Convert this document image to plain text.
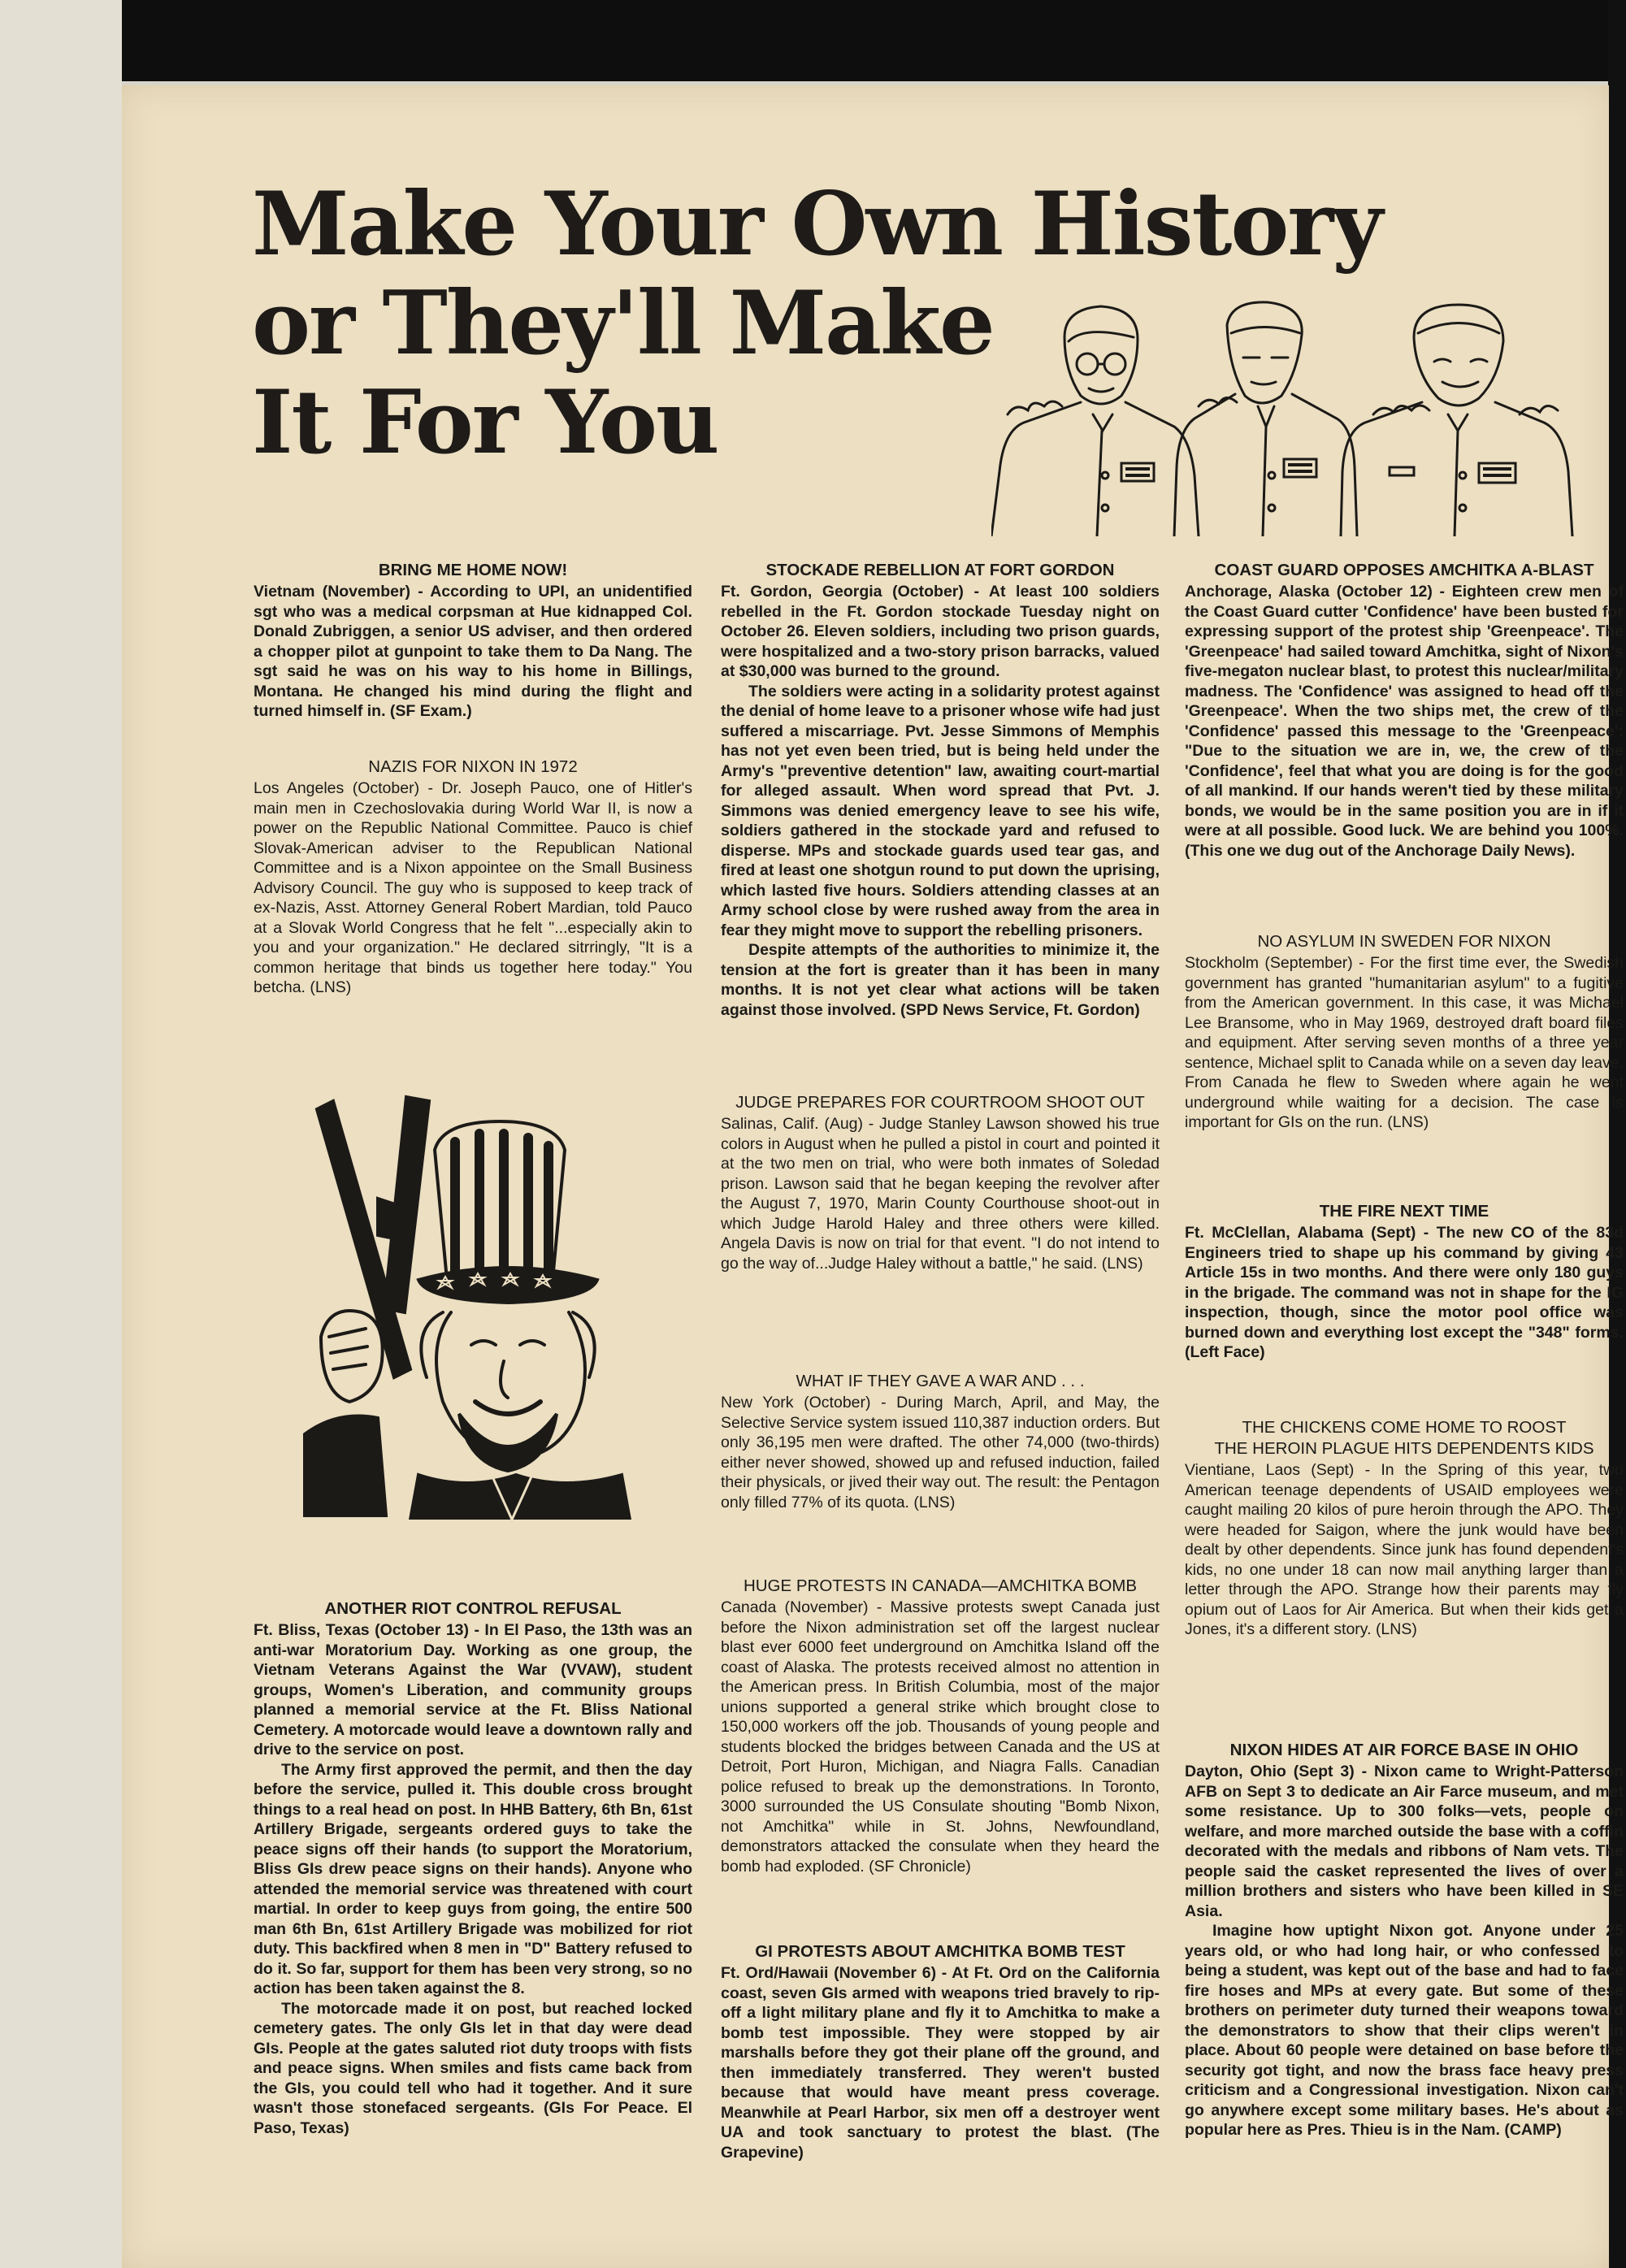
Make Your Own History
or They'll Make
It For You
BRING ME HOME NOW!

Vietnam (November) - According to UPI, an unidentified sgt who was a medical corpsman at Hue kidnapped Col. Donald Zubriggen, a senior US adviser, and then ordered a chopper pilot at gunpoint to take them to Da Nang. The sgt said he was on his way to his home in Billings, Montana. He changed his mind during the flight and turned himself in. (SF Exam.)

NAZIS FOR NIXON IN 1972

Los Angeles (October) - Dr. Joseph Pauco, one of Hitler's main men in Czechoslovakia during World War II, is now a power on the Republic National Committee. Pauco is chief Slovak-American adviser to the Republican National Committee and is a Nixon appointee on the Small Business Advisory Council. The guy who is supposed to keep track of ex-Nazis, Asst. Attorney General Robert Mardian, told Pauco at a Slovak World Congress that he felt "...especially akin to you and your organization." He declared sitrringly, "It is a common heritage that binds us together here today." You betcha. (LNS)

ANOTHER RIOT CONTROL REFUSAL

Ft. Bliss, Texas (October 13) - In El Paso, the 13th was an anti-war Moratorium Day. Working as one group, the Vietnam Veterans Against the War (VVAW), student groups, Women's Liberation, and community groups planned a memorial service at the Ft. Bliss National Cemetery. A motorcade would leave a downtown rally and drive to the service on post.

The Army first approved the permit, and then the day before the service, pulled it. This double cross brought things to a real head on post. In HHB Battery, 6th Bn, 61st Artillery Brigade, sergeants ordered guys to take the peace signs off their hands (to support the Moratorium, Bliss GIs drew peace signs on their hands). Anyone who attended the memorial service was threatened with court martial. In order to keep guys from going, the entire 500 man 6th Bn, 61st Artillery Brigade was mobilized for riot duty. This backfired when 8 men in "D" Battery refused to do it. So far, support for them has been very strong, so no action has been taken against the 8.

The motorcade made it on post, but reached locked cemetery gates. The only GIs let in that day were dead GIs. People at the gates saluted riot duty troops with fists and peace signs. When smiles and fists came back from the GIs, you could tell who had it together. And it sure wasn't those stonefaced sergeants. (GIs For Peace. El Paso, Texas)

STOCKADE REBELLION AT FORT GORDON

Ft. Gordon, Georgia (October) - At least 100 soldiers rebelled in the Ft. Gordon stockade Tuesday night on October 26. Eleven soldiers, including two prison guards, were hospitalized and a two-story prison barracks, valued at $30,000 was burned to the ground.

The soldiers were acting in a solidarity protest against the denial of home leave to a prisoner whose wife had just suffered a miscarriage. Pvt. Jesse Simmons of Memphis has not yet even been tried, but is being held under the Army's "preventive detention" law, awaiting court-martial for alleged assault. When word spread that Pvt. J. Simmons was denied emergency leave to see his wife, soldiers gathered in the stockade yard and refused to disperse. MPs and stockade guards used tear gas, and fired at least one shotgun round to put down the uprising, which lasted five hours. Soldiers attending classes at an Army school close by were rushed away from the area in fear they might move to support the rebelling prisoners.

Despite attempts of the authorities to minimize it, the tension at the fort is greater than it has been in many months. It is not yet clear what actions will be taken against those involved. (SPD News Service, Ft. Gordon)

JUDGE PREPARES FOR COURTROOM SHOOT OUT

Salinas, Calif. (Aug) - Judge Stanley Lawson showed his true colors in August when he pulled a pistol in court and pointed it at the two men on trial, who were both inmates of Soledad prison. Lawson said that he began keeping the revolver after the August 7, 1970, Marin County Courthouse shoot-out in which Judge Harold Haley and three others were killed. Angela Davis is now on trial for that event. "I do not intend to go the way of...Judge Haley without a battle," he said. (LNS)

WHAT IF THEY GAVE A WAR AND . . .

New York (October) - During March, April, and May, the Selective Service system issued 110,387 induction orders. But only 36,195 men were drafted. The other 74,000 (two-thirds) either never showed, showed up and refused induction, failed their physicals, or jived their way out. The result: the Pentagon only filled 77% of its quota. (LNS)

HUGE PROTESTS IN CANADA—AMCHITKA BOMB

Canada (November) - Massive protests swept Canada just before the Nixon administration set off the largest nuclear blast ever 6000 feet underground on Amchitka Island off the coast of Alaska. The protests received almost no attention in the American press. In British Columbia, most of the major unions supported a general strike which brought close to 150,000 workers off the job. Thousands of young people and students blocked the bridges between Canada and the US at Detroit, Port Huron, Michigan, and Niagra Falls. Canadian police refused to break up the demonstrations. In Toronto, 3000 surrounded the US Consulate shouting "Bomb Nixon, not Amchitka" while in St. Johns, Newfoundland, demonstrators attacked the consulate when they heard the bomb had exploded. (SF Chronicle)

GI PROTESTS ABOUT AMCHITKA BOMB TEST

Ft. Ord/Hawaii (November 6) - At Ft. Ord on the California coast, seven GIs armed with weapons tried bravely to rip-off a light military plane and fly it to Amchitka to make a bomb test impossible. They were stopped by air marshalls before they got their plane off the ground, and then immediately transferred. They weren't busted because that would have meant press coverage. Meanwhile at Pearl Harbor, six men off a destroyer went UA and took sanctuary to protest the blast. (The Grapevine)

COAST GUARD OPPOSES AMCHITKA A-BLAST

Anchorage, Alaska (October 12) - Eighteen crew men of the Coast Guard cutter 'Confidence' have been busted for expressing support of the protest ship 'Greenpeace'. The 'Greenpeace' had sailed toward Amchitka, sight of Nixon's five-megaton nuclear blast, to protest this nuclear/military madness. The 'Confidence' was assigned to head off the 'Greenpeace'. When the two ships met, the crew of the 'Confidence' passed this message to the 'Greenpeace': "Due to the situation we are in, we, the crew of the 'Confidence', feel that what you are doing is for the good of all mankind. If our hands weren't tied by these military bonds, we would be in the same position you are in if it were at all possible. Good luck. We are behind you 100%. (This one we dug out of the Anchorage Daily News).

NO ASYLUM IN SWEDEN FOR NIXON

Stockholm (September) - For the first time ever, the Swedish government has granted "humanitarian asylum" to a fugitive from the American government. In this case, it was Michael Lee Bransome, who in May 1969, destroyed draft board files and equipment. After serving seven months of a three year sentence, Michael split to Canada while on a seven day leave. From Canada he flew to Sweden where again he went underground while waiting for a decision. The case is important for GIs on the run. (LNS)

THE FIRE NEXT TIME

Ft. McClellan, Alabama (Sept) - The new CO of the 83d Engineers tried to shape up his command by giving 43 Article 15s in two months. And there were only 180 guys in the brigade. The command was not in shape for the IG inspection, though, since the motor pool office was burned down and everything lost except the "348" forms. (Left Face)

THE CHICKENS COME HOME TO ROOST
THE HEROIN PLAGUE HITS DEPENDENTS KIDS

Vientiane, Laos (Sept) - In the Spring of this year, two American teenage dependents of USAID employees were caught mailing 20 kilos of pure heroin through the APO. They were headed for Saigon, where the junk would have been dealt by other dependents. Since junk has found dependent's kids, no one under 18 can now mail anything larger than a letter through the APO. Strange how their parents may fly opium out of Laos for Air America. But when their kids get a Jones, it's a different story. (LNS)

NIXON HIDES AT AIR FORCE BASE IN OHIO

Dayton, Ohio (Sept 3) - Nixon came to Wright-Patterson AFB on Sept 3 to dedicate an Air Farce museum, and met some resistance. Up to 300 folks—vets, people on welfare, and more marched outside the base with a coffin decorated with the medals and ribbons of Nam vets. The people said the casket represented the lives of over a million brothers and sisters who have been killed in SE Asia.

Imagine how uptight Nixon got. Anyone under 25 years old, or who had long hair, or who confessed to being a student, was kept out of the base and had to face fire hoses and MPs at every gate. But some of these brothers on perimeter duty turned their weapons toward the demonstrators to show that their clips weren't in place. About 60 people were detained on base before the security got tight, and now the brass face heavy press criticism and a Congressional investigation. Nixon can't go anywhere except some military bases. He's about as popular here as Pres. Thieu is in the Nam. (CAMP)
